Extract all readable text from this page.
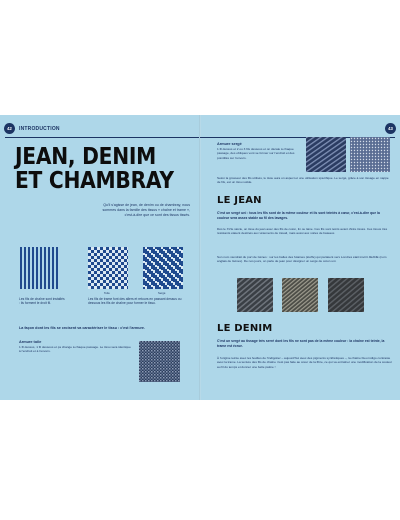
42	INTRODUCTION
JEAN, DENIM
ET CHAMBRAY
Qu'il s'agisse de jean, de denim ou de chambray, nous sommes dans la famille des tissus « chaîne et trame », c'est-à-dire que ce sont des tissus tissés.
Toile	Sergé
Les fils de chaîne sont installés : ils forment le droit fil.
Les fils de trame font des allers et retours en passant dessus ou dessous les fils de chaîne pour former le tissu.
La façon dont les fils se croisent va caractériser le tissu : c'est l'armure.
Armure toile
1 fil dessus, 1 fil dessous et ça change à chaque passage. Le tissu sera identique à l'endroit et à l'envers.
43
Armure sergé
1 fil dessus et 2 ou 3 fils dessous et on décale à chaque passage, des obliques vont se former sur l'endroit et des pointillés sur l'envers.
Selon la grosseur des fils utilisés, le tissu aura un aspect et une utilisation spécifique. Le sergé, grâce à son tissage en nappe de fils, est un tissu solide.
LE JEAN
C'est un sergé uni : tous les fils sont de la même couleur et ils sont teintés à cœur, c'est-à-dire que la couleur sera assez stable au fil des lavages.
Dès le XVIe siècle, on tisse du jean avec des fils de coton, lin ou laine. Ces fils sont teints avant d'être tissés. Ces tissus très résistants étaient destinés aux vêtements de travail, mais aussi aux voiles de bateaux.
Son nom viendrait du port de Gênes : sur les balles des futaines (étoffe) qui partaient vers Londres était inscrit JEANE (nom anglais de Gênes). De nos jours, on parle de jean pour désigner un sergé de coton uni.
LE DENIM
C'est un sergé au tissage très serré dont les fils ne sont pas de la même couleur : la chaîne est teinte, la trame est écrue.
À l'origine teinte avec les feuilles de l'indigotier – aujourd'hui avec des pigments synthétiques –, la chaîne bleu indigo contraste avec la trame. La texture des fils de chaîne n'est pas faite au cœur de la fibre, ce qui va entraîner une modification de la couleur au fil du temps et donner une belle patine !
